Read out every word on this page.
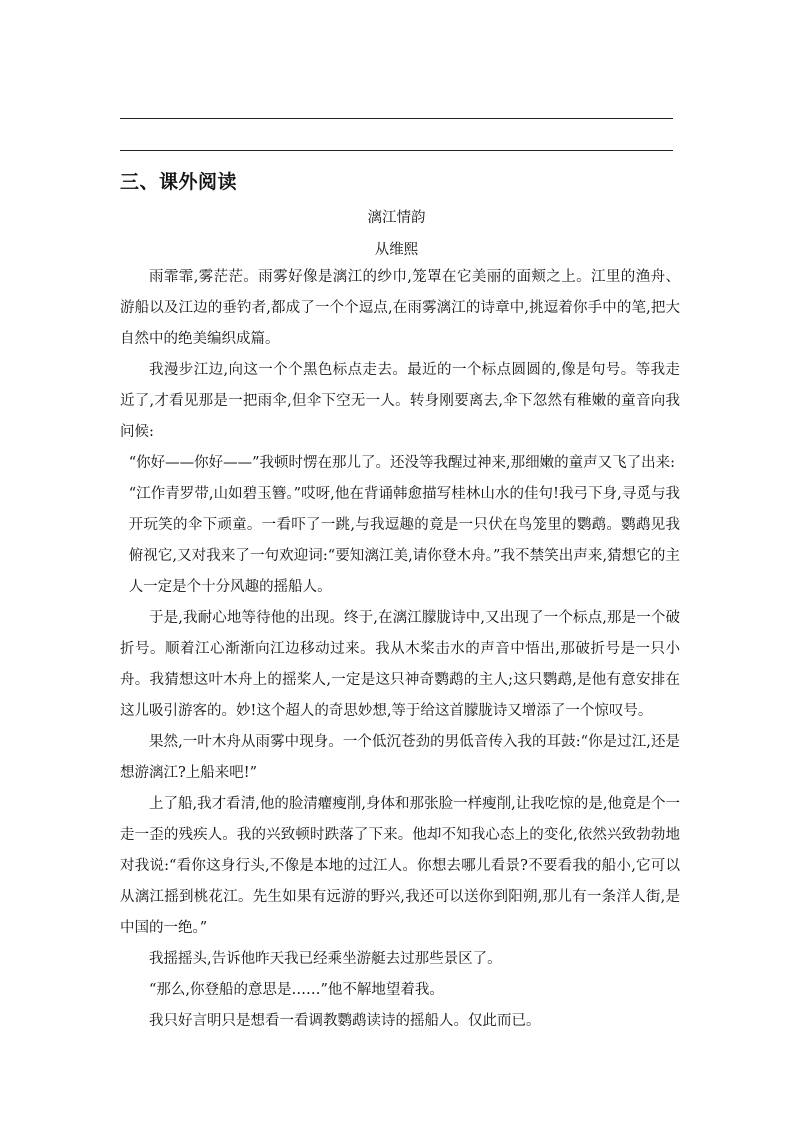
三、课外阅读
漓江情韵
从维熙

雨霏霏,雾茫茫。雨雾好像是漓江的纱巾,笼罩在它美丽的面颊之上。江里的渔舟、游船以及江边的垂钓者,都成了一个个逗点,在雨雾漓江的诗章中,挑逗着你手中的笔,把大自然中的绝美编织成篇。

我漫步江边,向这一个个黑色标点走去。最近的一个标点圆圆的,像是句号。等我走近了,才看见那是一把雨伞,但伞下空无一人。转身刚要离去,伞下忽然有稚嫩的童音向我问候:

“你好——你好——”我顿时愣在那儿了。还没等我醒过神来,那细嫩的童声又飞了出来:

“江作青罗带,山如碧玉簪。”哎呀,他在背诵韩愈描写桂林山水的佳句!我弓下身,寻觅与我开玩笑的伞下顽童。一看吓了一跳,与我逗趣的竟是一只伏在鸟笼里的鹦鹉。鹦鹉见我俯视它,又对我来了一句欢迎词:“要知漓江美,请你登木舟。”我不禁笑出声来,猜想它的主人一定是个十分风趣的摇船人。

于是,我耐心地等待他的出现。终于,在漓江朦胧诗中,又出现了一个标点,那是一个破折号。顺着江心渐渐向江边移动过来。我从木桨击水的声音中悟出,那破折号是一只小舟。我猜想这叶木舟上的摇桨人,一定是这只神奇鹦鹉的主人;这只鹦鹉,是他有意安排在这儿吸引游客的。妙!这个超人的奇思妙想,等于给这首朦胧诗又增添了一个惊叹号。

果然,一叶木舟从雨雾中现身。一个低沉苍劲的男低音传入我的耳鼓:“你是过江,还是想游漓江?上船来吧!”

上了船,我才看清,他的脸清癯瘦削,身体和那张脸一样瘦削,让我吃惊的是,他竟是个一走一歪的残疾人。我的兴致顿时跌落了下来。他却不知我心态上的变化,依然兴致勃勃地对我说:“看你这身行头,不像是本地的过江人。你想去哪儿看景?不要看我的船小,它可以从漓江摇到桃花江。先生如果有远游的野兴,我还可以送你到阳朔,那儿有一条洋人街,是中国的一绝。”

我摇摇头,告诉他昨天我已经乘坐游艇去过那些景区了。

“那么,你登船的意思是……”他不解地望着我。

我只好言明只是想看一看调教鹦鹉读诗的摇船人。仅此而已。
